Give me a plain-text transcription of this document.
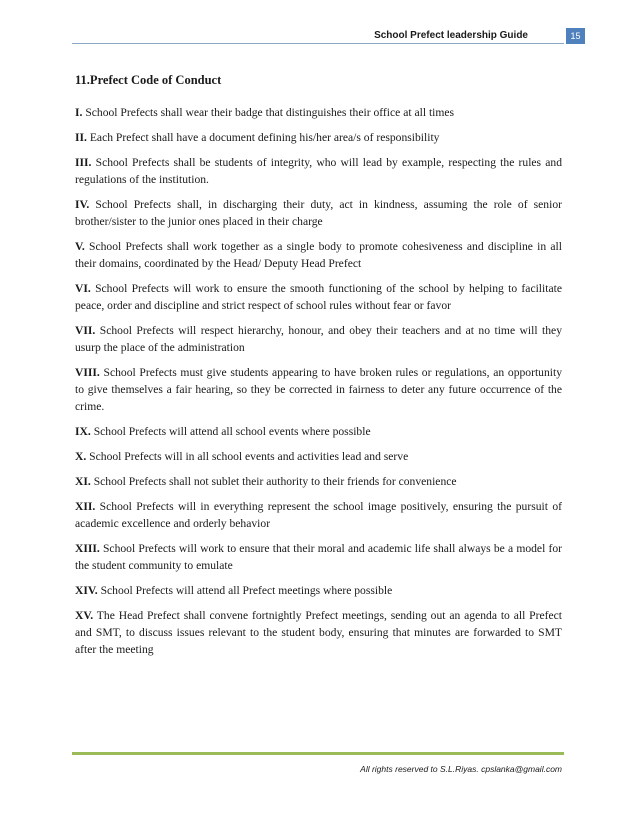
School Prefect leadership Guide	15
11.Prefect Code of Conduct

I. School Prefects shall wear their badge that distinguishes their office at all times

II. Each Prefect shall have a document defining his/her area/s of responsibility

III. School Prefects shall be students of integrity, who will lead by example, respecting the rules and regulations of the institution.

IV. School Prefects shall, in discharging their duty, act in kindness, assuming the role of senior brother/sister to the junior ones placed in their charge

V. School Prefects shall work together as a single body to promote cohesiveness and discipline in all their domains, coordinated by the Head/ Deputy Head Prefect

VI. School Prefects will work to ensure the smooth functioning of the school by helping to facilitate peace, order and discipline and strict respect of school rules without fear or favor

VII. School Prefects will respect hierarchy, honour, and obey their teachers and at no time will they usurp the place of the administration

VIII. School Prefects must give students appearing to have broken rules or regulations, an opportunity to give themselves a fair hearing, so they be corrected in fairness to deter any future occurrence of the crime.

IX. School Prefects will attend all school events where possible

X. School Prefects will in all school events and activities lead and serve

XI. School Prefects shall not sublet their authority to their friends for convenience

XII. School Prefects will in everything represent the school image positively, ensuring the pursuit of academic excellence and orderly behavior

XIII. School Prefects will work to ensure that their moral and academic life shall always be a model for the student community to emulate

XIV. School Prefects will attend all Prefect meetings where possible

XV. The Head Prefect shall convene fortnightly Prefect meetings, sending out an agenda to all Prefect and SMT, to discuss issues relevant to the student body, ensuring that minutes are forwarded to SMT after the meeting

All rights reserved to S.L.Riyas. cpslanka@gmail.com
